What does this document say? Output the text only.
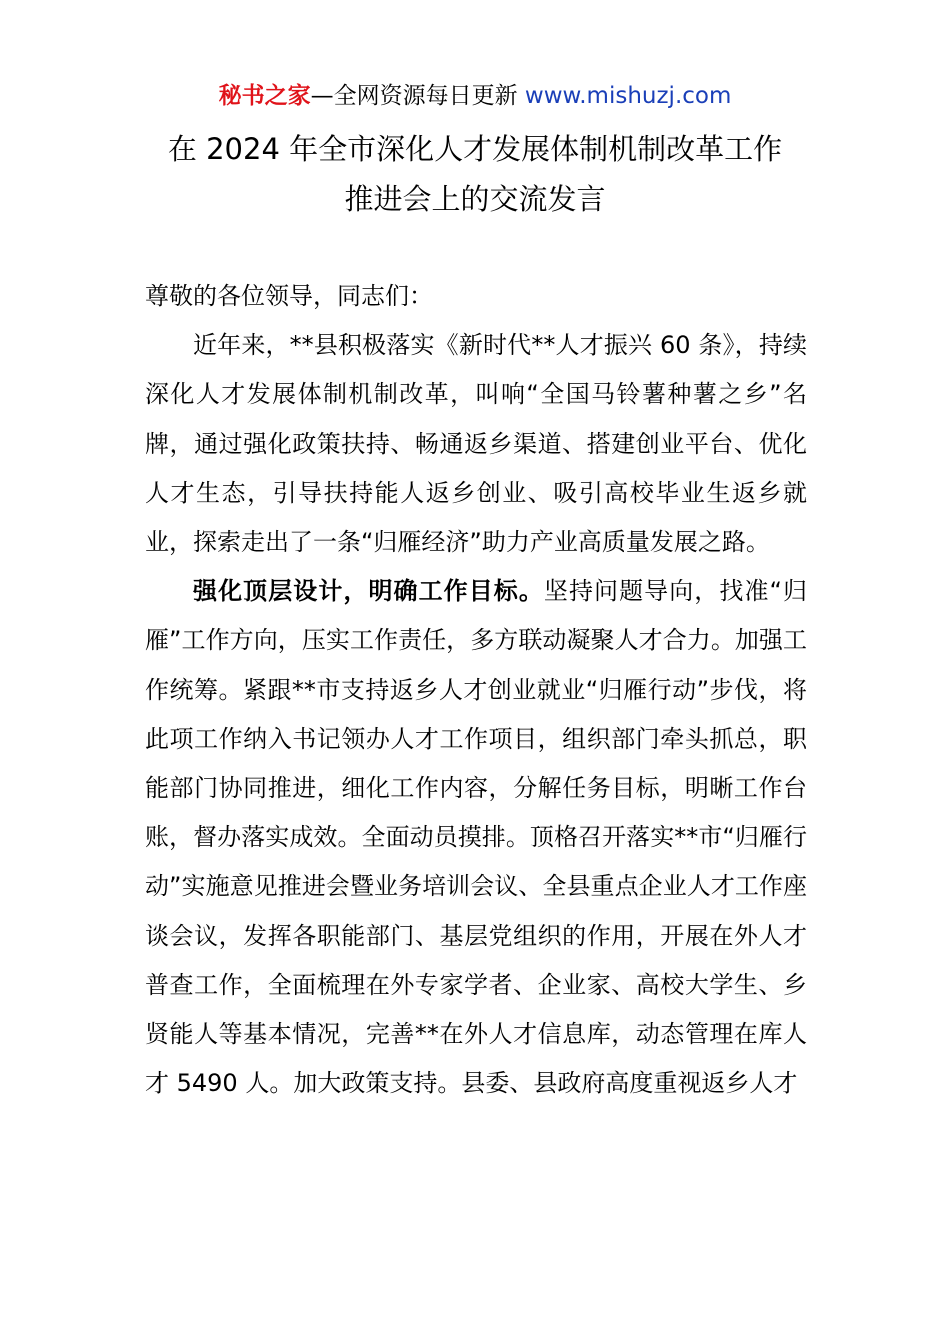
秘书之家—全网资源每日更新 www.mishuzj.com
在 2024 年全市深化人才发展体制机制改革工作
推进会上的交流发言

尊敬的各位领导，同志们：

近年来，**县积极落实《新时代**人才振兴 60 条》，持续深化人才发展体制机制改革，叫响“全国马铃薯种薯之乡”名牌，通过强化政策扶持、畅通返乡渠道、搭建创业平台、优化人才生态，引导扶持能人返乡创业、吸引高校毕业生返乡就业，探索走出了一条“归雁经济”助力产业高质量发展之路。

强化顶层设计，明确工作目标。坚持问题导向，找准“归雁”工作方向，压实工作责任，多方联动凝聚人才合力。加强工作统筹。紧跟**市支持返乡人才创业就业“归雁行动”步伐，将此项工作纳入书记领办人才工作项目，组织部门牵头抓总，职能部门协同推进，细化工作内容，分解任务目标，明晰工作台账，督办落实成效。全面动员摸排。顶格召开落实**市“归雁行动”实施意见推进会暨业务培训会议、全县重点企业人才工作座谈会议，发挥各职能部门、基层党组织的作用，开展在外人才普查工作，全面梳理在外专家学者、企业家、高校大学生、乡贤能人等基本情况，完善**在外人才信息库，动态管理在库人才 5490 人。加大政策支持。县委、县政府高度重视返乡人才
